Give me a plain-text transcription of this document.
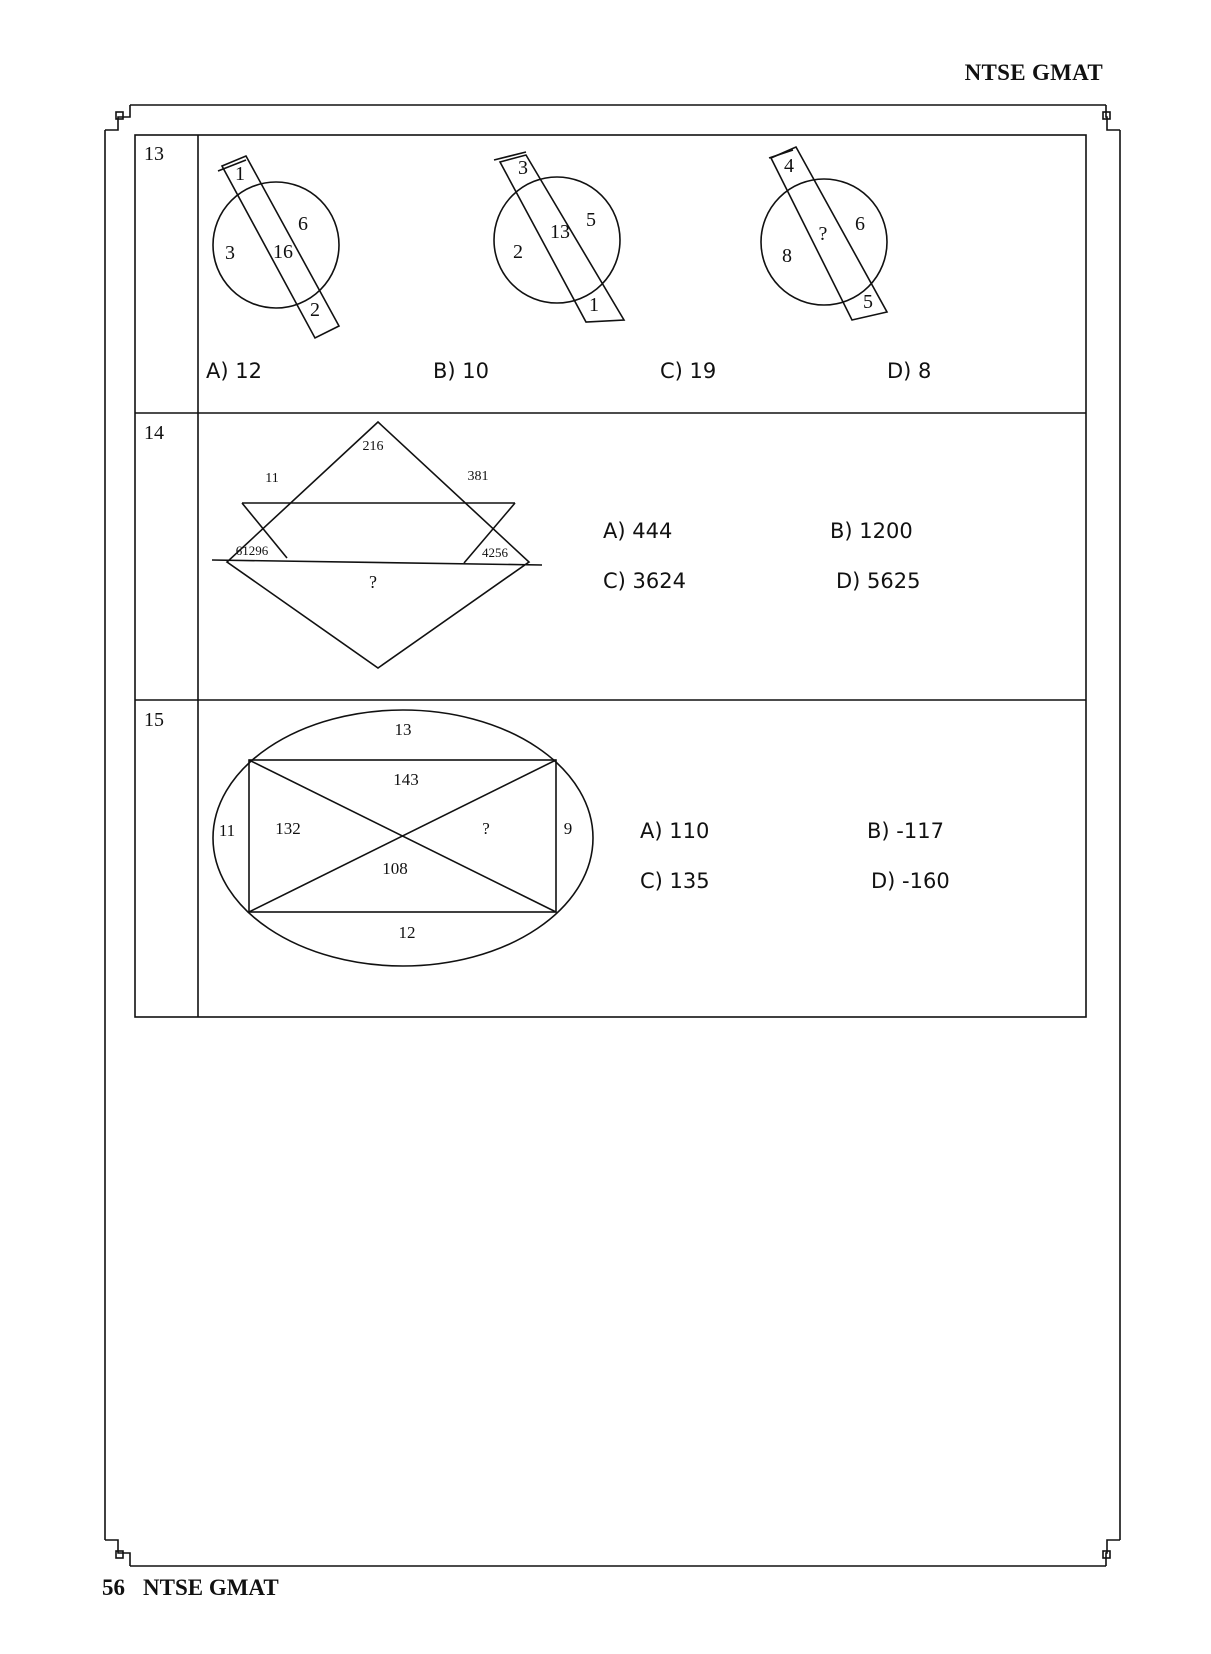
NTSE GMAT
13
1
6
3 16
2
3
5
2
13
1
4
6
8
?
5
A) 12	B) 10	C) 19	D) 8
14
216
11	381
61296	4256
?
A) 444	B) 1200
C) 3624	D) 5625
15	13
12
11	9
143
132	?
108
A) 110	B) -117
C) 135	D) -160
56 NTSE GMAT
